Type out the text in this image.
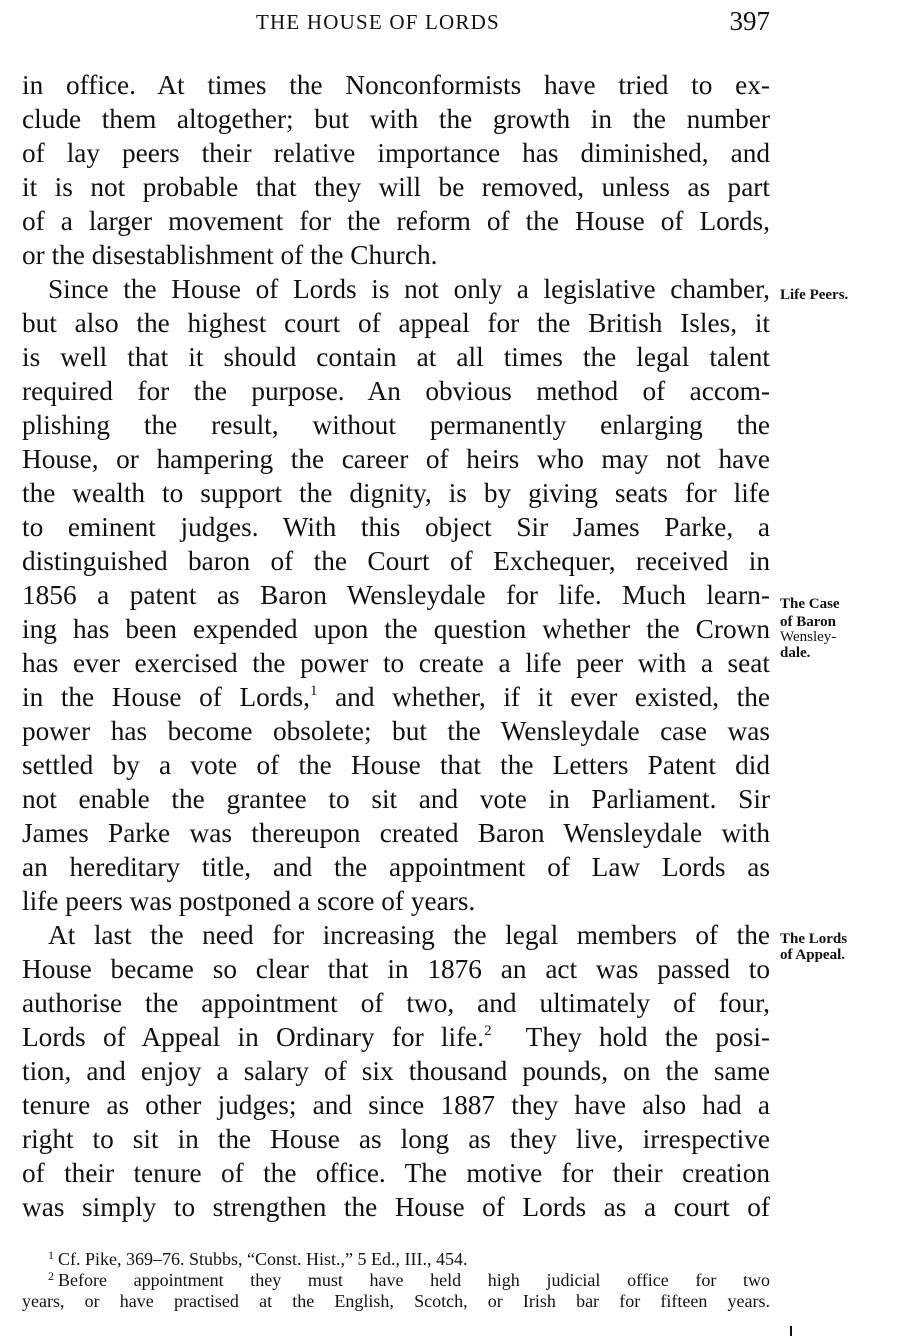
THE HOUSE OF LORDS	397
in office. At times the Nonconformists have tried to ex-
clude them altogether; but with the growth in the number
of lay peers their relative importance has diminished, and
it is not probable that they will be removed, unless as part
of a larger movement for the reform of the House of Lords,
or the disestablishment of the Church.
Since the House of Lords is not only a legislative chamber,
but also the highest court of appeal for the British Isles, it
is well that it should contain at all times the legal talent
required for the purpose. An obvious method of accom-
plishing the result, without permanently enlarging the
House, or hampering the career of heirs who may not have
the wealth to support the dignity, is by giving seats for life
to eminent judges. With this object Sir James Parke, a
distinguished baron of the Court of Exchequer, received in
1856 a patent as Baron Wensleydale for life. Much learn-
ing has been expended upon the question whether the Crown
has ever exercised the power to create a life peer with a seat
in the House of Lords,$^1$ and whether, if it ever existed, the
power has become obsolete; but the Wensleydale case was
settled by a vote of the House that the Letters Patent did
not enable the grantee to sit and vote in Parliament. Sir
James Parke was thereupon created Baron Wensleydale with
an hereditary title, and the appointment of Law Lords as
life peers was postponed a score of years.
At last the need for increasing the legal members of the
House became so clear that in 1876 an act was passed to
authorise the appointment of two, and ultimately of four,
Lords of Appeal in Ordinary for life.$^2$  They hold the posi-
tion, and enjoy a salary of six thousand pounds, on the same
tenure as other judges; and since 1887 they have also had a
right to sit in the House as long as they live, irrespective
of their tenure of the office. The motive for their creation
was simply to strengthen the House of Lords as a court of
Life Peers.
The Case
of Baron
Wensley-
dale.
The Lords
of Appeal.
$^1$ Cf. Pike, 369–76. Stubbs, “Const. Hist.,” 5 Ed., III., 454.
$^2$ Before appointment they must have held high judicial office for two
years, or have practised at the English, Scotch, or Irish bar for fifteen years.
